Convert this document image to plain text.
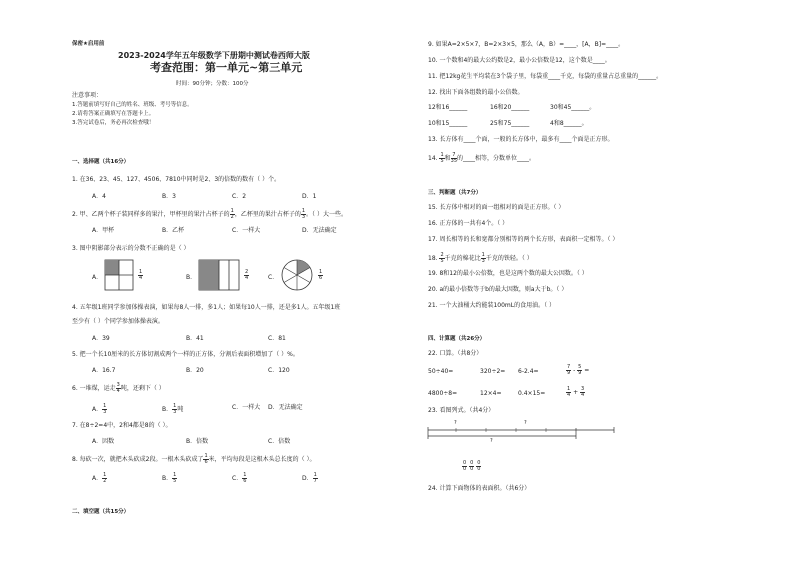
保密★启用前
2023-2024学年五年级数学下册期中测试卷西师大版
考查范围：第一单元~第三单元
时间：90分钟；分数：100分
注意事项：
1.答题前填写好自己的姓名、班级、考号等信息。
2.请将答案正确填写在答题卡上。
3.答完试卷后，务必再次检查哦！
一、选择题（共16分）
1. 在36、23、45、127、4506、7810中同时是2、3的倍数的数有（ ）个。
A．4	B．3	C．2	D．1
2. 甲、乙两个杯子装同样多的果汁，甲杯里的果汁占杯子的 $\frac{1}{2}$ ，乙杯里的果汁占杯子的 $\frac{1}{3}$ 。（ ）大一些。
A．甲杯	B．乙杯	C．一样大	D．无法确定
3. 图中阴影部分表示的分数不正确的是（ ）
A．	B．	C．
$\frac{1}{4}$	$\frac{2}{4}$	$\frac{1}{6}$
4. 五年级1班同学参加体操表演，如果每8人一排，多1人；如果每10人一排，还是多1人。五年级1班
至少有（ ）个同学参加体操表演。
A．39	B．41	C．81
5. 把一个长10厘米的长方体切割成两个一样的正方体，分割后表面积增加了（ ）%。
A．16.7	B．20	C．120
6. 一堆煤，运走 $\frac{3}{4}$ 吨，还剩下（ ）
A． $\frac{1}{3}$	B． $\frac{1}{3}$ 吨	C．一样大 D．无法确定
7. 在8÷2=4中，2和4都是8的（ ）。
A．因数	B．倍数	C．倍数
8. 每砍一次，就把木头砍成2段。一根木头砍成了 $\frac{1}{6}$ 米，平均每段是这根木头总长度的（ ）。
A． $\frac{1}{2}$	B． $\frac{1}{5}$	C． $\frac{1}{6}$	D． $\frac{1}{7}$
二、填空题（共15分）
9. 如果A=2×5×7，B=2×3×5，那么（A，B）=____，[A，B]=____。
10. 一个数和4的最大公约数是2，最小公倍数是12，这个数是____。
11. 把12kg花生平均装在3个袋子里，每袋重____千克，每袋的重量占总重量的______。
12. 找出下面各组数的最小公倍数。
12和16______	16和20______	30和45______。
10和15______	25和75______	4和8______。
13. 长方体有____个面，一般的长方体中，最多有____个面是正方形。
14. $\frac{1}{5}$ 和 $\frac{7}{35}$ 的____相等，分数单位____。
三、判断题（共7分）
15. 长方体中相对的面一组相对的面是正方形。（ ）
16. 正方体的一共有4个。（ ）
17. 周长相等的长和宽都分别相等的两个长方形，表面积一定相等。（ ）
18. $\frac{2}{5}$ 千克的棉花比 $\frac{1}{3}$ 千克的铁轻。（ ）
19. 8和12的最小公倍数，也是这两个数的最大公因数。（ ）
20. a的最小倍数等于b的最大因数，则a大于b。（ ）
21. 一个大油桶大约能装100mL的食用油。（ ）
四、计算题（共26分）
22. 口算。（共8分）
50÷40=	320÷2= 6-2.4=	$\frac{7}{9} - \frac{5}{9}$ =
4800÷8=	12×4=	0.4×15=	$\frac{1}{4} + \frac{3}{4}$
23. 看图列式。（共4分）
?	?
?
$\frac{0}{0}$
$\frac{0}{0}$
$\frac{0}{0}$
24. 计算下面物体的表面积。（共6分）
